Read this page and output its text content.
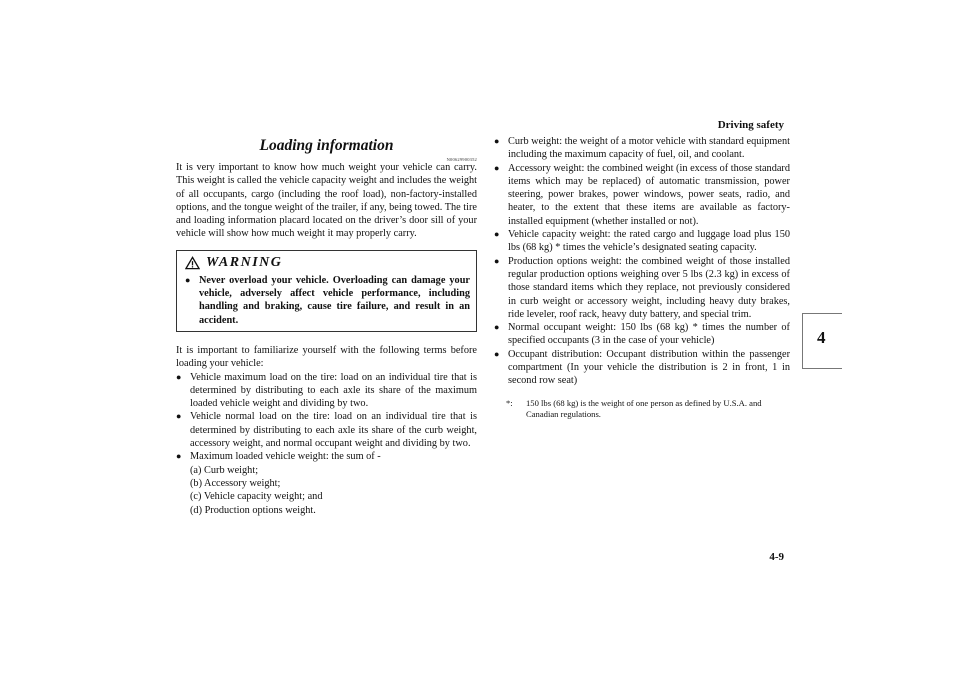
Driving safety
4-9
4
Loading information
N00629900352

It is very important to know how much weight your vehicle can carry. This weight is called the vehicle capacity weight and includes the weight of all occupants, cargo (including the roof load), non-factory-installed options, and the tongue weight of the trailer, if any, being towed. The tire and loading information placard located on the driver’s door sill of your vehicle will show how much weight it may properly carry.

WARNING
● Never overload your vehicle. Overloading can damage your vehicle, adversely affect vehicle performance, including handling and braking, cause tire failure, and result in an accident.

It is important to familiarize yourself with the following terms before loading your vehicle:

● Vehicle maximum load on the tire: load on an individual tire that is determined by distributing to each axle its share of the maximum loaded vehicle weight and dividing by two.
● Vehicle normal load on the tire: load on an individual tire that is determined by distributing to each axle its share of the curb weight, accessory weight, and normal occupant weight and dividing by two.
● Maximum loaded vehicle weight: the sum of -
(a) Curb weight;
(b) Accessory weight;
(c) Vehicle capacity weight; and
(d) Production options weight.
● Curb weight: the weight of a motor vehicle with standard equipment including the maximum capacity of fuel, oil, and coolant.
● Accessory weight: the combined weight (in excess of those standard items which may be replaced) of automatic transmission, power steering, power brakes, power windows, power seats, radio, and heater, to the extent that these items are available as factory- installed equipment (whether installed or not).
● Vehicle capacity weight: the rated cargo and luggage load plus 150 lbs (68 kg) * times the vehicle’s designated seating capacity.
● Production options weight: the combined weight of those installed regular production options weighing over 5 lbs (2.3 kg) in excess of those standard items which they replace, not previously considered in curb weight or accessory weight, including heavy duty brakes, ride leveler, roof rack, heavy duty battery, and special trim.
● Normal occupant weight: 150 lbs (68 kg) * times the number of specified occupants (3 in the case of your vehicle)
● Occupant distribution: Occupant distribution within the passenger compartment (In your vehicle the distribution is 2 in front, 1 in second row seat)
*:	150 lbs (68 kg) is the weight of one person as defined by U.S.A. and Canadian regulations.
